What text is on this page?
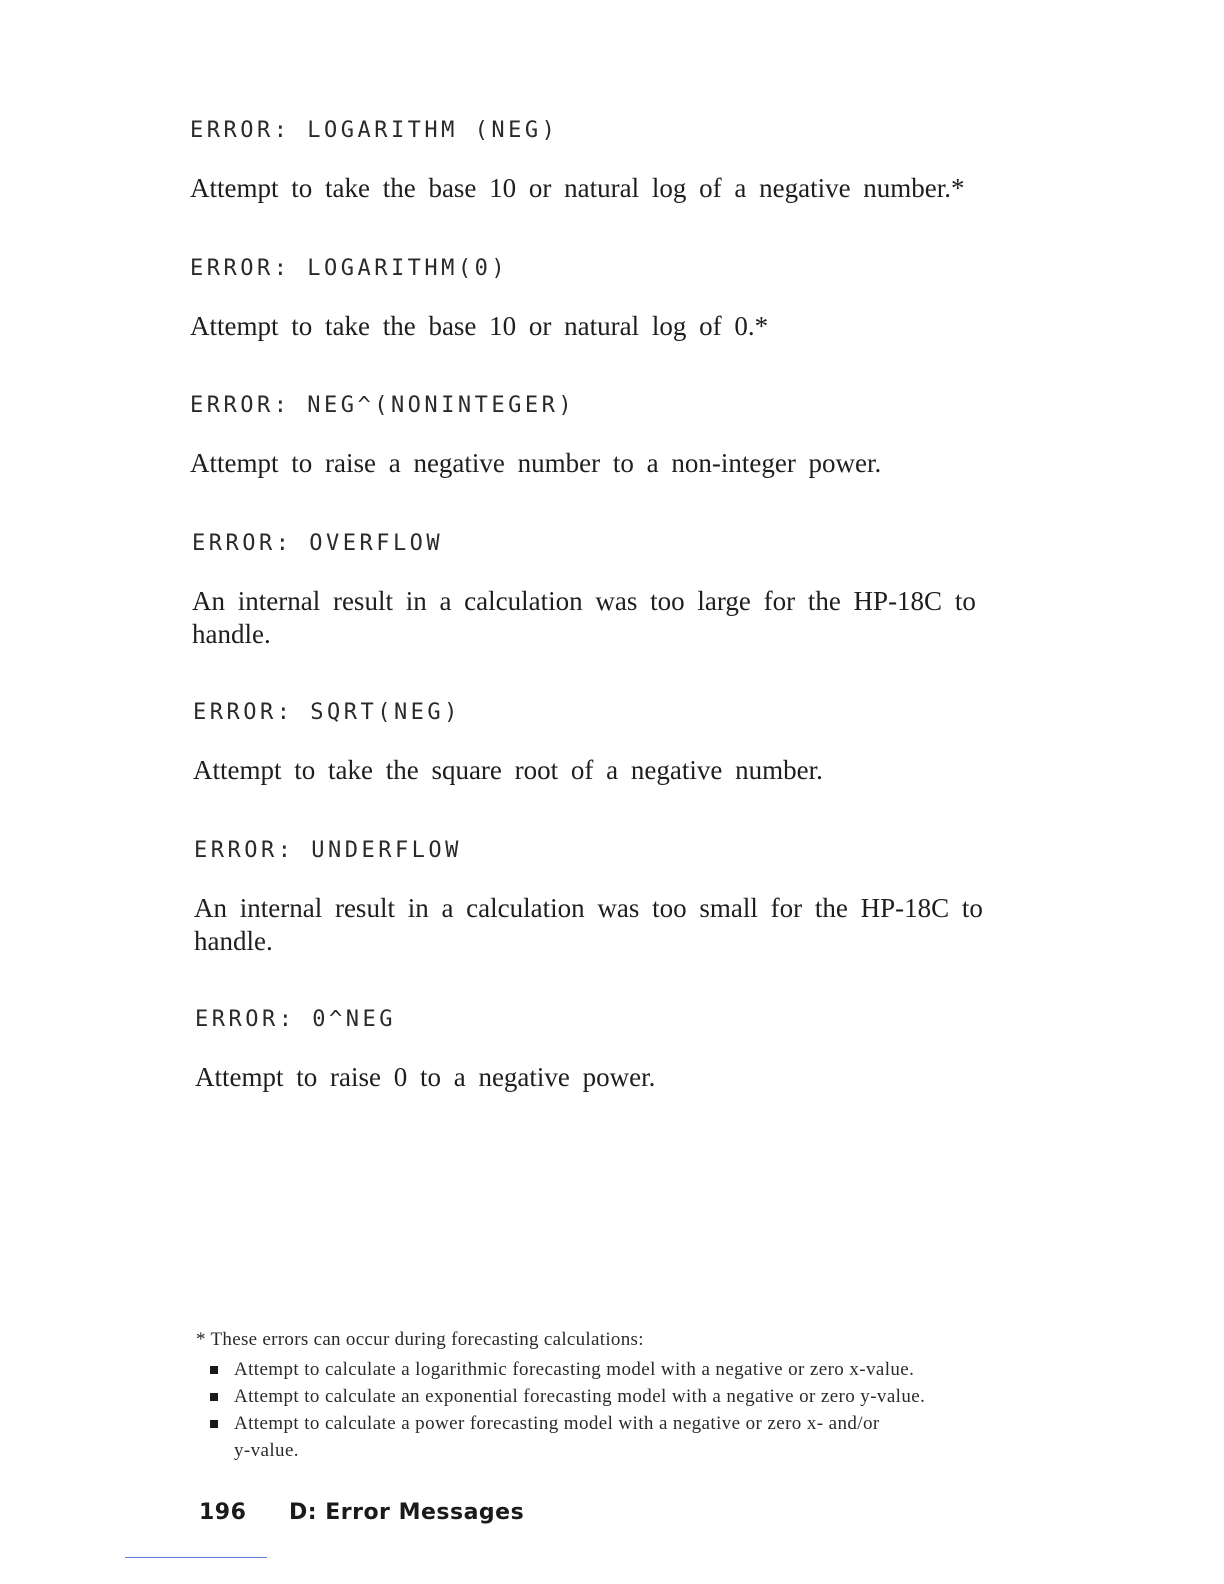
ERROR: LOGARITHM (NEG)
Attempt to take the base 10 or natural log of a negative number.*
ERROR: LOGARITHM(0)
Attempt to take the base 10 or natural log of 0.*
ERROR: NEG^(NONINTEGER)
Attempt to raise a negative number to a non-integer power.
ERROR: OVERFLOW
An internal result in a calculation was too large for the HP-18C to handle.
ERROR: SQRT(NEG)
Attempt to take the square root of a negative number.
ERROR: UNDERFLOW
An internal result in a calculation was too small for the HP-18C to handle.
ERROR: 0^NEG
Attempt to raise 0 to a negative power.
* These errors can occur during forecasting calculations:
Attempt to calculate a logarithmic forecasting model with a negative or zero x-value.
Attempt to calculate an exponential forecasting model with a negative or zero y-value.
Attempt to calculate a power forecasting model with a negative or zero x- and/or y-value.
196 D: Error Messages
